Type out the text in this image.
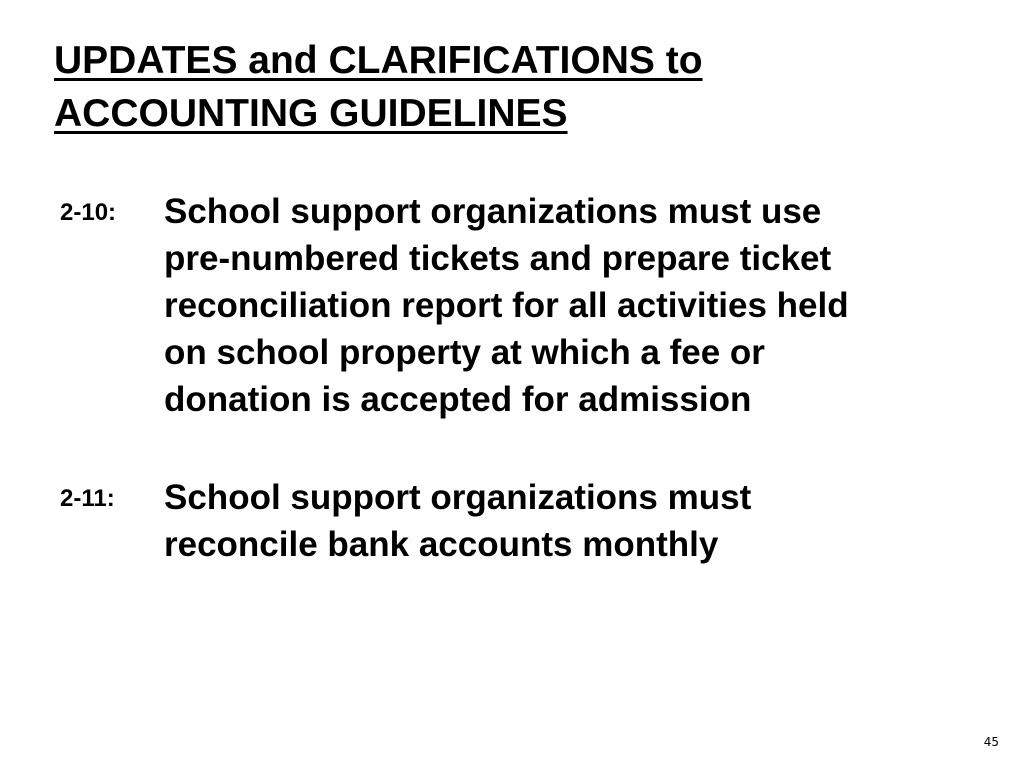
UPDATES and CLARIFICATIONS to
ACCOUNTING GUIDELINES
2-10: School support organizations must use
pre-numbered tickets and prepare ticket
reconciliation report for all activities held
on school property at which a fee or
donation is accepted for admission

2-11: School support organizations must
reconcile bank accounts monthly

45
